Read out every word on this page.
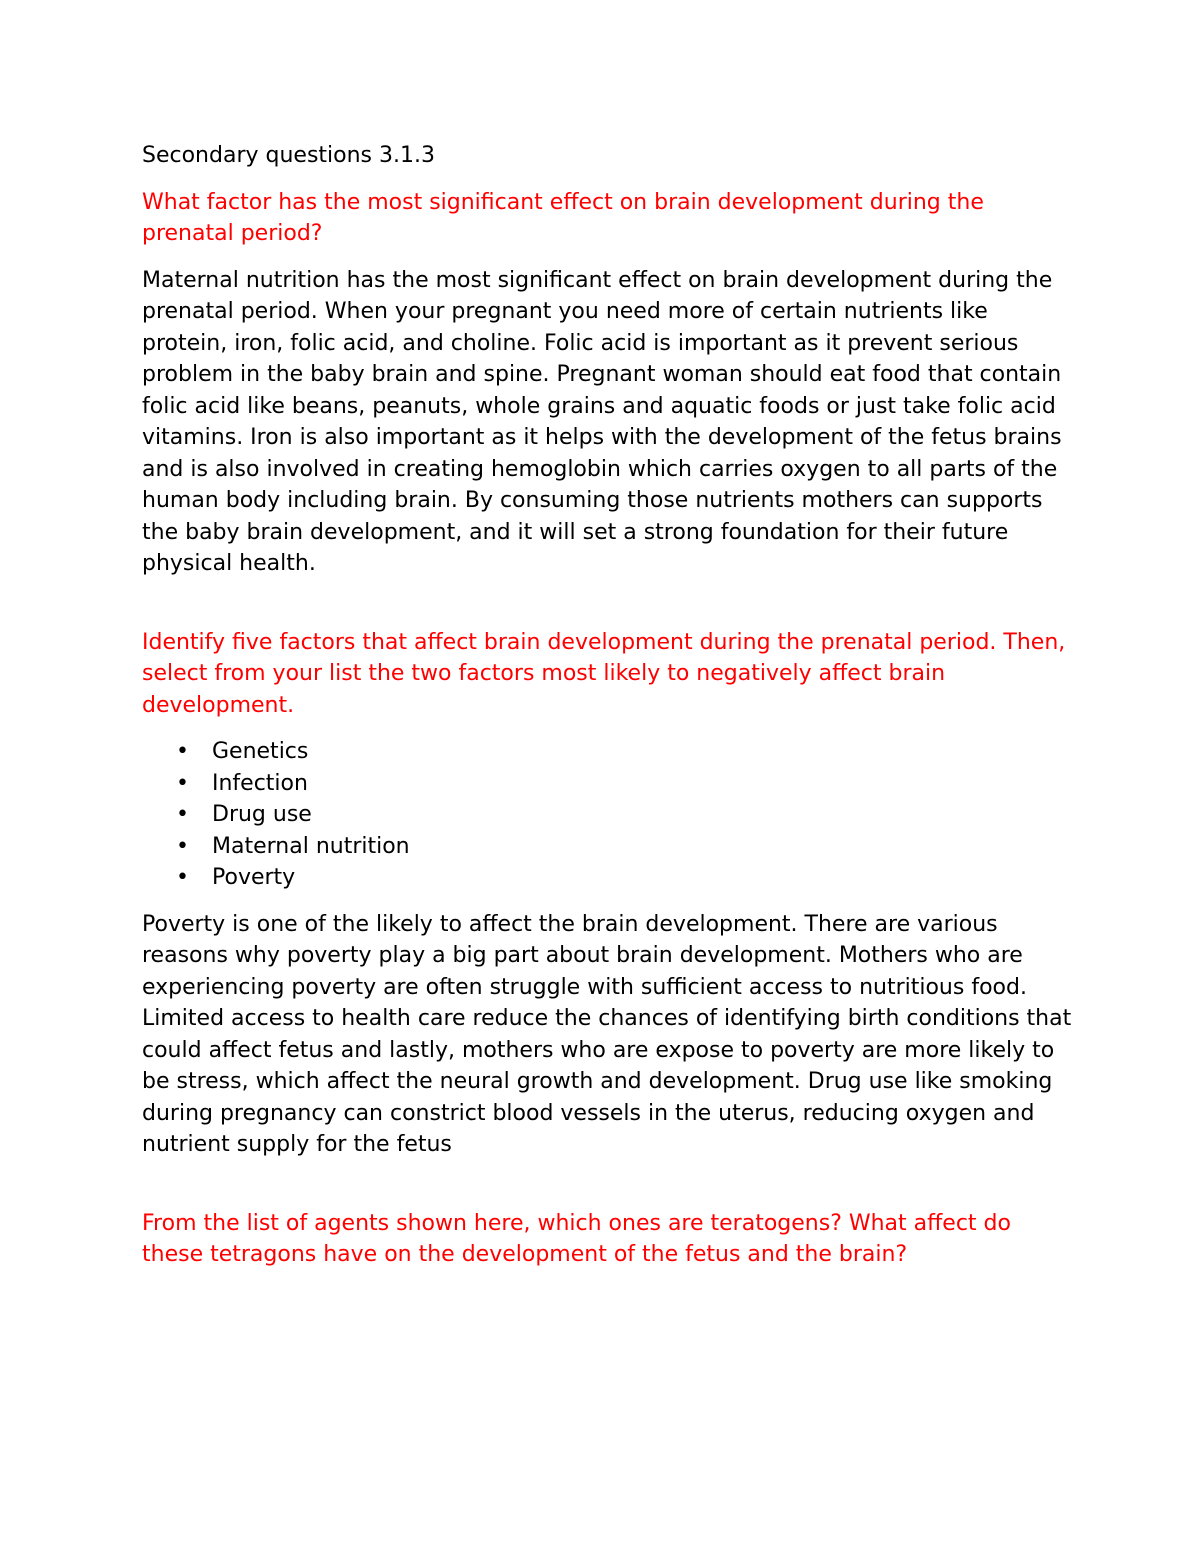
Secondary questions 3.1.3

What factor has the most significant effect on brain development during the prenatal period?

Maternal nutrition has the most significant effect on brain development during the prenatal period. When your pregnant you need more of certain nutrients like protein, iron, folic acid, and choline. Folic acid is important as it prevent serious problem in the baby brain and spine. Pregnant woman should eat food that contain folic acid like beans, peanuts, whole grains and aquatic foods or just take folic acid vitamins. Iron is also important as it helps with the development of the fetus brains and is also involved in creating hemoglobin which carries oxygen to all parts of the human body including brain. By consuming those nutrients mothers can supports the baby brain development, and it will set a strong foundation for their future physical health.

Identify five factors that affect brain development during the prenatal period. Then, select from your list the two factors most likely to negatively affect brain development.

• Genetics
• Infection
• Drug use
• Maternal nutrition
• Poverty

Poverty is one of the likely to affect the brain development. There are various reasons why poverty play a big part about brain development. Mothers who are experiencing poverty are often struggle with sufficient access to nutritious food. Limited access to health care reduce the chances of identifying birth conditions that could affect fetus and lastly, mothers who are expose to poverty are more likely to be stress, which affect the neural growth and development. Drug use like smoking during pregnancy can constrict blood vessels in the uterus, reducing oxygen and nutrient supply for the fetus

From the list of agents shown here, which ones are teratogens? What affect do these tetragons have on the development of the fetus and the brain?
